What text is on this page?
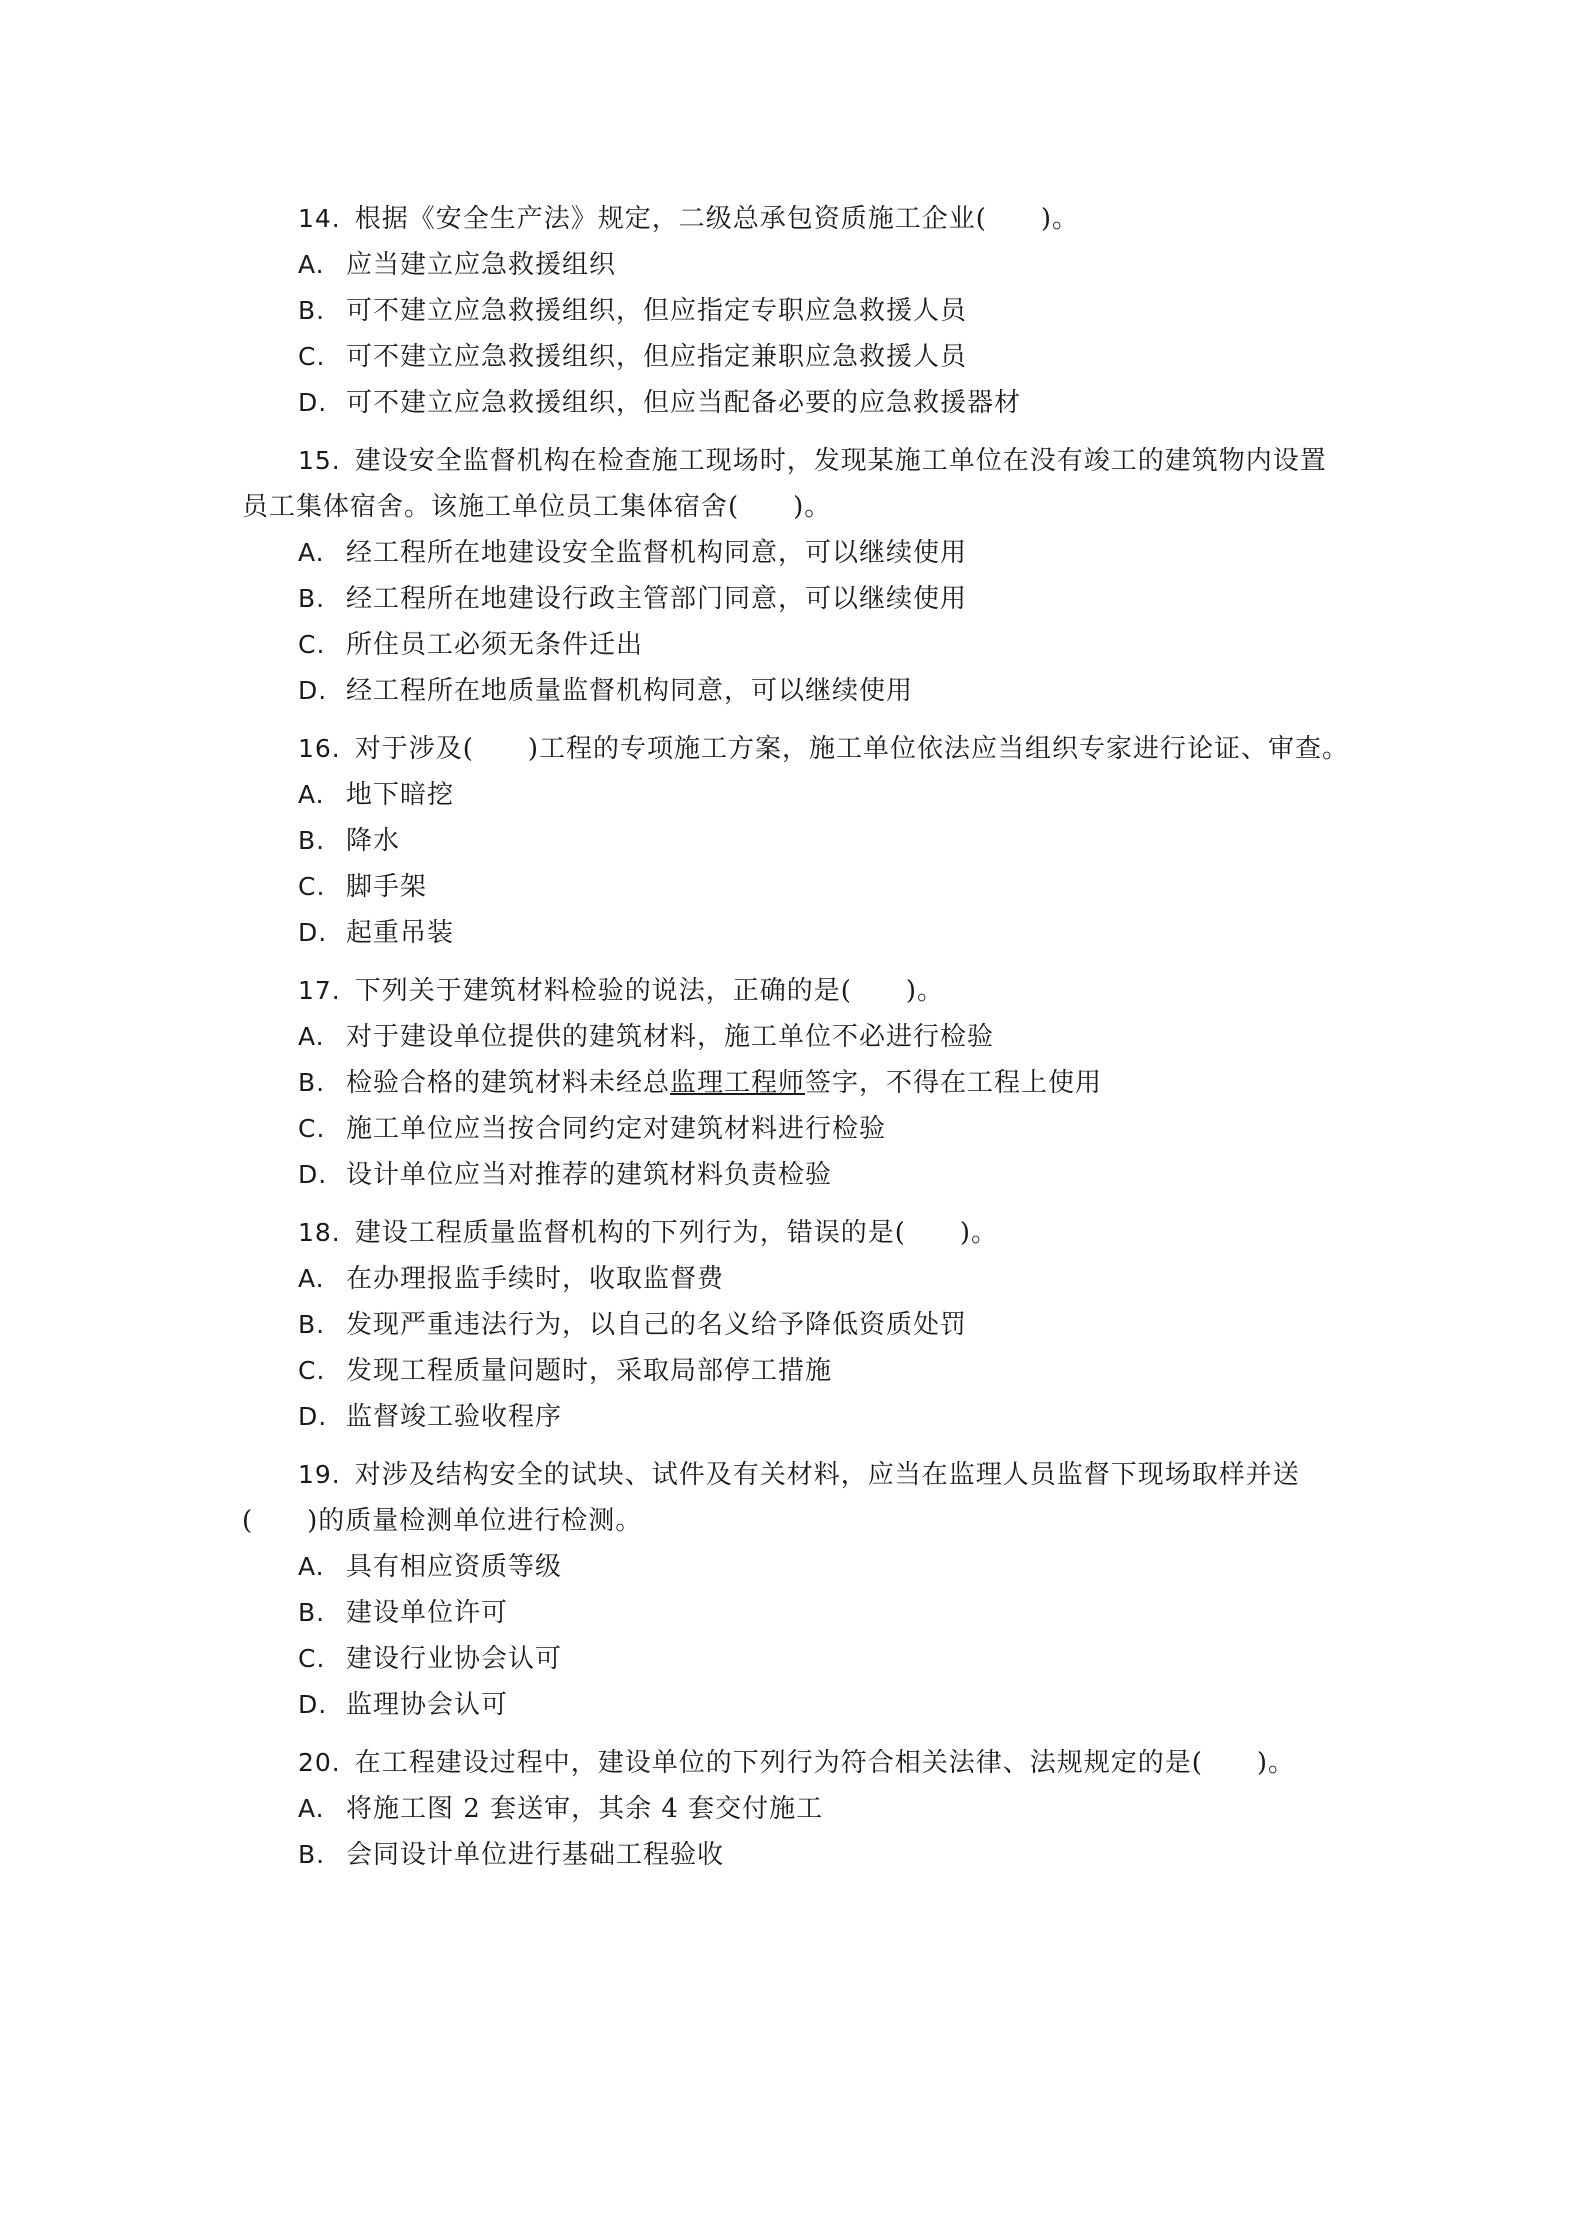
14. 根据《安全生产法》规定，二级总承包资质施工企业(　　)。

A. 应当建立应急救援组织

B. 可不建立应急救援组织，但应指定专职应急救援人员

C. 可不建立应急救援组织，但应指定兼职应急救援人员

D. 可不建立应急救援组织，但应当配备必要的应急救援器材

15. 建设安全监督机构在检查施工现场时，发现某施工单位在没有竣工的建筑物内设置员工集体宿舍。该施工单位员工集体宿舍(　　)。

A. 经工程所在地建设安全监督机构同意，可以继续使用

B. 经工程所在地建设行政主管部门同意，可以继续使用

C. 所住员工必须无条件迁出

D. 经工程所在地质量监督机构同意，可以继续使用

16. 对于涉及(　　)工程的专项施工方案，施工单位依法应当组织专家进行论证、审查。

A. 地下暗挖

B. 降水

C. 脚手架

D. 起重吊装

17. 下列关于建筑材料检验的说法，正确的是(　　)。

A. 对于建设单位提供的建筑材料，施工单位不必进行检验

B. 检验合格的建筑材料未经总监理工程师签字，不得在工程上使用

C. 施工单位应当按合同约定对建筑材料进行检验

D. 设计单位应当对推荐的建筑材料负责检验

18. 建设工程质量监督机构的下列行为，错误的是(　　)。

A. 在办理报监手续时，收取监督费

B. 发现严重违法行为，以自己的名义给予降低资质处罚

C. 发现工程质量问题时，采取局部停工措施

D. 监督竣工验收程序

19. 对涉及结构安全的试块、试件及有关材料，应当在监理人员监督下现场取样并送(　　)的质量检测单位进行检测。

A. 具有相应资质等级

B. 建设单位许可

C. 建设行业协会认可

D. 监理协会认可

20. 在工程建设过程中，建设单位的下列行为符合相关法律、法规规定的是(　　)。

A. 将施工图 2 套送审，其余 4 套交付施工

B. 会同设计单位进行基础工程验收
